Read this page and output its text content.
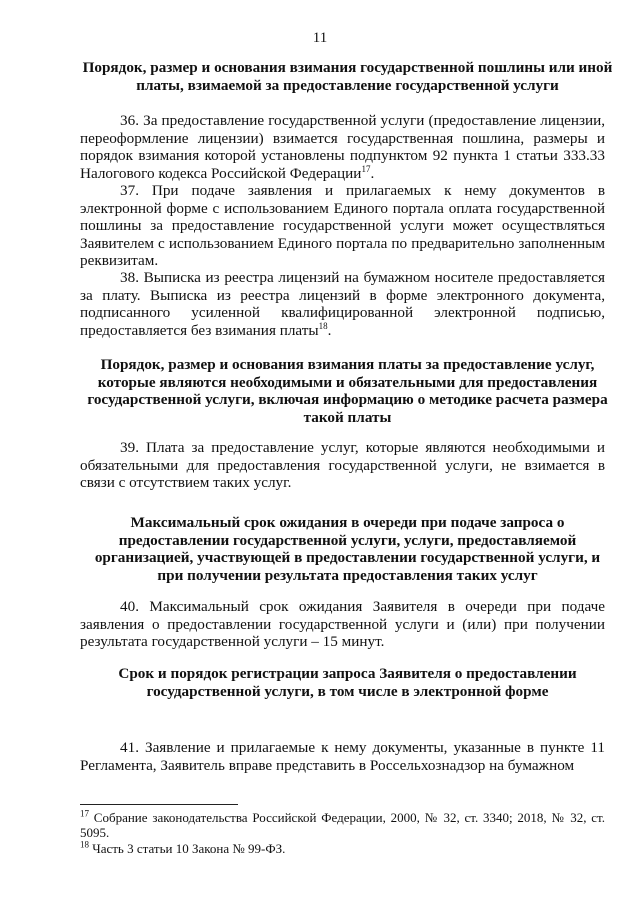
11
Порядок, размер и основания взимания государственной пошлины или иной платы, взимаемой за предоставление государственной услуги
36. За предоставление государственной услуги (предоставление лицензии, переоформление лицензии) взимается государственная пошлина, размеры и порядок взимания которой установлены подпунктом 92 пункта 1 статьи 333.33 Налогового кодекса Российской Федерации$^{17}$.
37. При подаче заявления и прилагаемых к нему документов в электронной форме с использованием Единого портала оплата государственной пошлины за предоставление государственной услуги может осуществляться Заявителем с использованием Единого портала по предварительно заполненным реквизитам.
38. Выписка из реестра лицензий на бумажном носителе предоставляется за плату. Выписка из реестра лицензий в форме электронного документа, подписанного усиленной квалифицированной электронной подписью, предоставляется без взимания платы$^{18}$.
Порядок, размер и основания взимания платы за предоставление услуг, которые являются необходимыми и обязательными для предоставления государственной услуги, включая информацию о методике расчета размера такой платы
39. Плата за предоставление услуг, которые являются необходимыми и обязательными для предоставления государственной услуги, не взимается в связи с отсутствием таких услуг.
Максимальный срок ожидания в очереди при подаче запроса о предоставлении государственной услуги, услуги, предоставляемой организацией, участвующей в предоставлении государственной услуги, и при получении результата предоставления таких услуг
40. Максимальный срок ожидания Заявителя в очереди при подаче заявления о предоставлении государственной услуги и (или) при получении результата государственной услуги – 15 минут.
Срок и порядок регистрации запроса Заявителя о предоставлении государственной услуги, в том числе в электронной форме
41. Заявление и прилагаемые к нему документы, указанные в пункте 11 Регламента, Заявитель вправе представить в Россельхознадзор на бумажном
$^{17}$ Собрание законодательства Российской Федерации, 2000, № 32, ст. 3340; 2018, № 32, ст. 5095.
$^{18}$ Часть 3 статьи 10 Закона № 99-ФЗ.
